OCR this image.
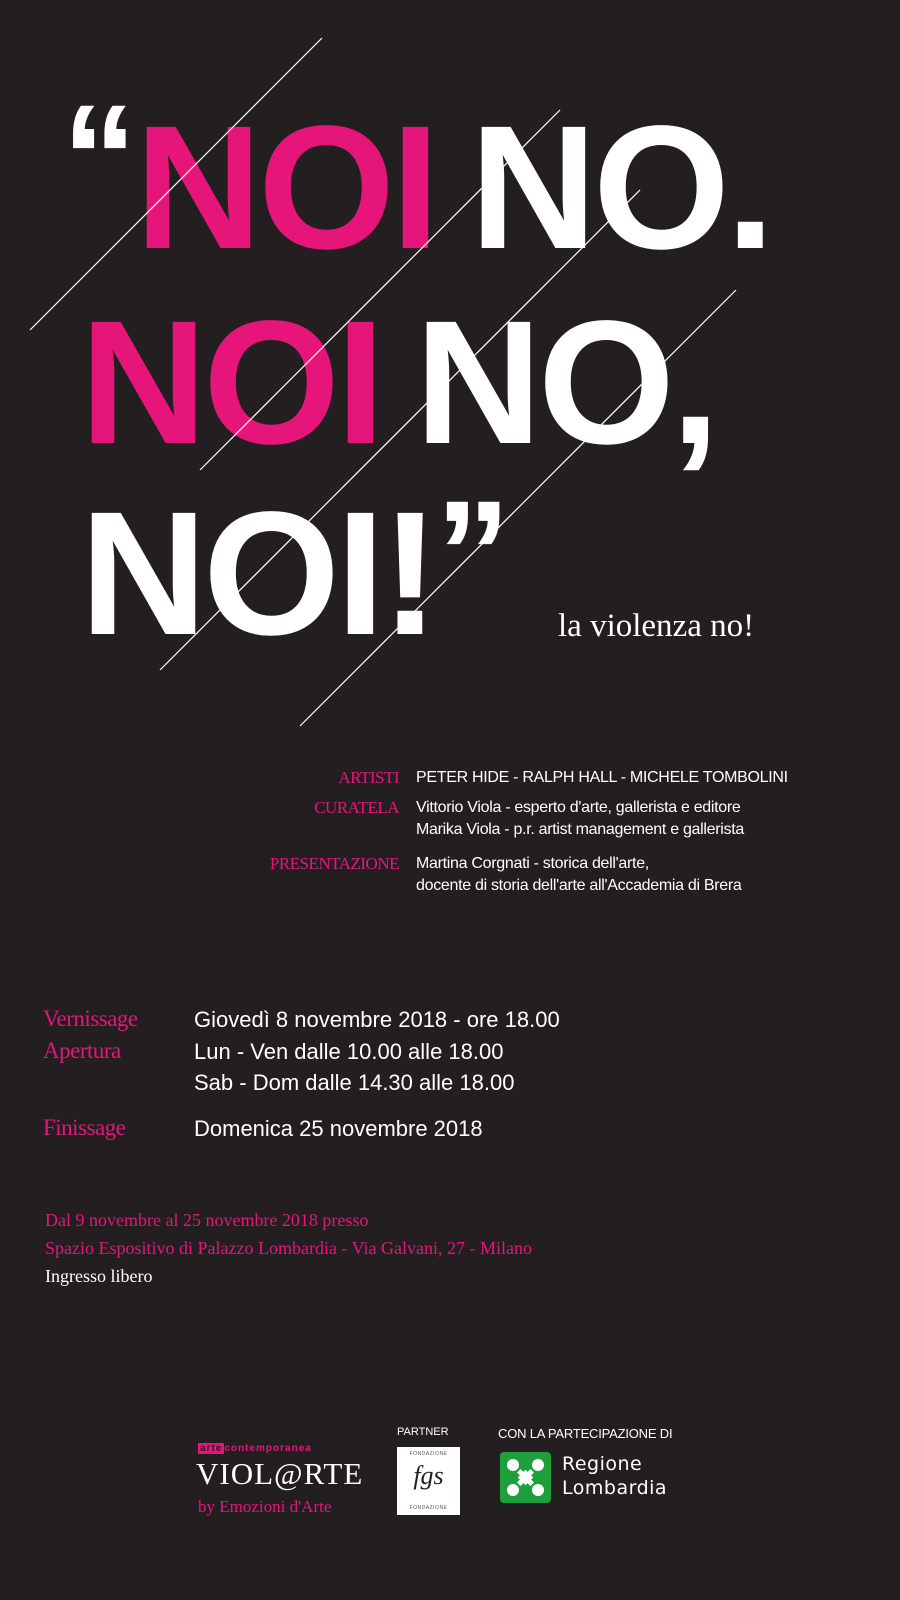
“NOI NO.
NOI NO,
NOI!” la violenza no!
ARTISTI PETER HIDE - RALPH HALL - MICHELE TOMBOLINI
CURATELA Vittorio Viola - esperto d'arte, gallerista e editore
Marika Viola - p.r. artist management e gallerista
PRESENTAZIONE Martina Corgnati - storica dell'arte,
docente di storia dell'arte all'Accademia di Brera
Vernissage	Giovedì 8 novembre 2018 - ore 18.00
Apertura	Lun - Ven dalle 10.00 alle 18.00
Sab - Dom dalle 14.30 alle 18.00
Finissage	Domenica 25 novembre 2018
Dal 9 novembre al 25 novembre 2018 presso
Spazio Espositivo di Palazzo Lombardia - Via Galvani, 27 - Milano
Ingresso libero
arte contemporanea
VIOL@RTE
by Emozioni d'Arte
PARTNER
FONDAZIONE
fgs
FONDAZIONE
CON LA PARTECIPAZIONE DI
Regione
Lombardia
